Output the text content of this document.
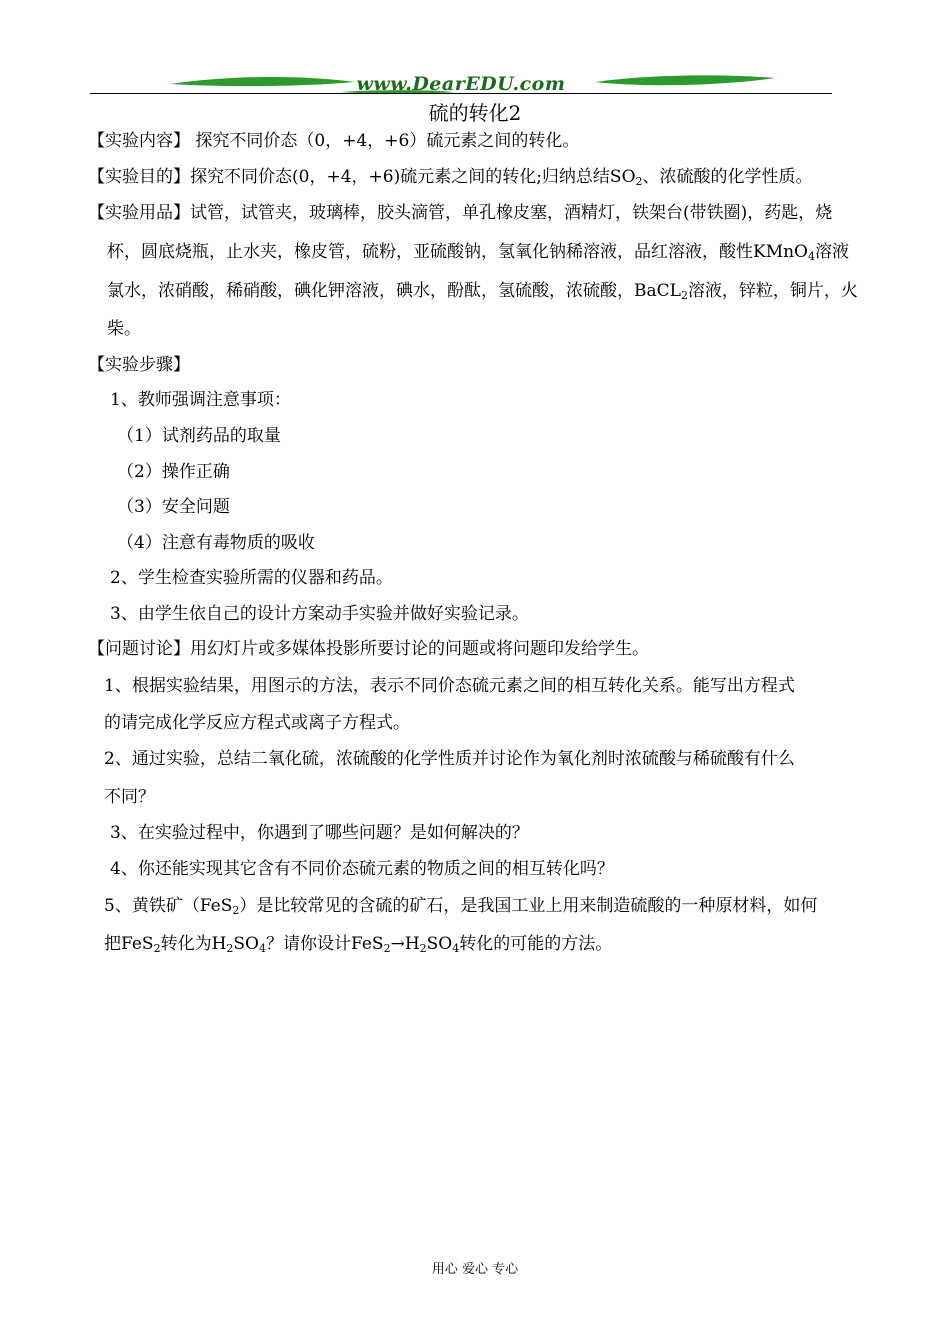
www.DearEDU.com
硫的转化2
【实验内容】 探究不同价态（0，+4，+6）硫元素之间的转化。
【实验目的】探究不同价态(0，+4，+6)硫元素之间的转化;归纳总结$SO_2$、浓硫酸的化学性质。
【实验用品】试管，试管夹，玻璃棒，胶头滴管，单孔橡皮塞，酒精灯，铁架台(带铁圈)，药匙，烧
杯，圆底烧瓶，止水夹，橡皮管，硫粉，亚硫酸钠，氢氧化钠稀溶液，品红溶液，酸性KMnO$_4$溶液
氯水，浓硝酸，稀硝酸，碘化钾溶液，碘水，酚酞，氢硫酸，浓硫酸，BaCL$_2$溶液，锌粒，铜片，火
柴。
【实验步骤】
1、教师强调注意事项：
（1）试剂药品的取量
（2）操作正确
（3）安全问题
（4）注意有毒物质的吸收
2、学生检查实验所需的仪器和药品。
3、由学生依自己的设计方案动手实验并做好实验记录。
【问题讨论】用幻灯片或多媒体投影所要讨论的问题或将问题印发给学生。
1、根据实验结果，用图示的方法，表示不同价态硫元素之间的相互转化关系。能写出方程式
的请完成化学反应方程式或离子方程式。
2、通过实验，总结二氧化硫，浓硫酸的化学性质并讨论作为氧化剂时浓硫酸与稀硫酸有什么
不同？
3、在实验过程中，你遇到了哪些问题？是如何解决的？
4、你还能实现其它含有不同价态硫元素的物质之间的相互转化吗？
5、黄铁矿（FeS$_2$）是比较常见的含硫的矿石，是我国工业上用来制造硫酸的一种原材料，如何
把FeS$_2$转化为$H_2SO_4$？请你设计$FeS_2\to H_2SO_4$转化的可能的方法。
用心 爱心 专心
